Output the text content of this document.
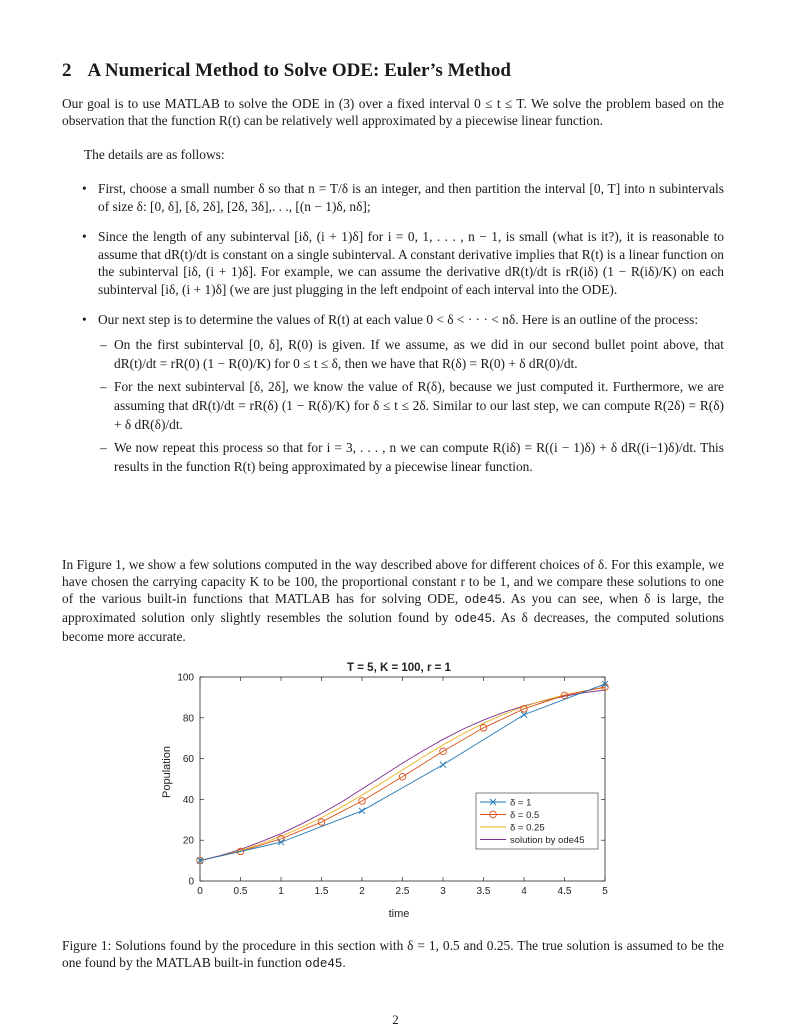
2 A Numerical Method to Solve ODE: Euler’s Method

Our goal is to use MATLAB to solve the ODE in (3) over a fixed interval 0 ≤ t ≤ T. We solve the problem based on the observation that the function R(t) can be relatively well approximated by a piecewise linear function.

The details are as follows:

• First, choose a small number δ so that n = T/δ is an integer, and then partition the interval [0, T] into n subintervals of size δ: [0, δ], [δ, 2δ], [2δ, 3δ],. . ., [(n − 1)δ, nδ];
• Since the length of any subinterval [iδ, (i + 1)δ] for i = 0, 1, . . . , n − 1, is small (what is it?), it is reasonable to assume that dR(t)/dt is constant on a single subinterval. A constant derivative implies that R(t) is a linear function on the subinterval [iδ, (i + 1)δ]. For example, we can assume the derivative dR(t)/dt is rR(iδ) (1 − R(iδ)/K) on each subinterval [iδ, (i + 1)δ] (we are just plugging in the left endpoint of each interval into the ODE).
• Our next step is to determine the values of R(t) at each value 0 < δ < · · · < nδ. Here is an outline of the process:
– On the first subinterval [0, δ], R(0) is given. If we assume, as we did in our second bullet point above, that dR(t)/dt = rR(0) (1 − R(0)/K) for 0 ≤ t ≤ δ, then we have that R(δ) = R(0) + δ dR(0)/dt.
– For the next subinterval [δ, 2δ], we know the value of R(δ), because we just computed it. Furthermore, we are assuming that dR(t)/dt = rR(δ) (1 − R(δ)/K) for δ ≤ t ≤ 2δ. Similar to our last step, we can compute R(2δ) = R(δ) + δ dR(δ)/dt.
– We now repeat this process so that for i = 3, . . . , n we can compute R(iδ) = R((i − 1)δ) + δ dR((i−1)δ)/dt. This results in the function R(t) being approximated by a piecewise linear function.

In Figure 1, we show a few solutions computed in the way described above for different choices of δ. For this example, we have chosen the carrying capacity K to be 100, the proportional constant r to be 1, and we compare these solutions to one of the various built-in functions that MATLAB has for solving ODE, ode45. As you can see, when δ is large, the approximated solution only slightly resembles the solution found by ode45. As δ decreases, the computed solutions become more accurate.

T = 5, K = 100, r = 1
Population
time
0	0.5	1	1.5	2	2.5	3	3.5	4	4.5	5
0
20
40
60
80
100
δ = 1
δ = 0.5
δ = 0.25
solution by ode45

Figure 1: Solutions found by the procedure in this section with δ = 1, 0.5 and 0.25. The true solution is assumed to be the one found by the MATLAB built-in function ode45.

2
